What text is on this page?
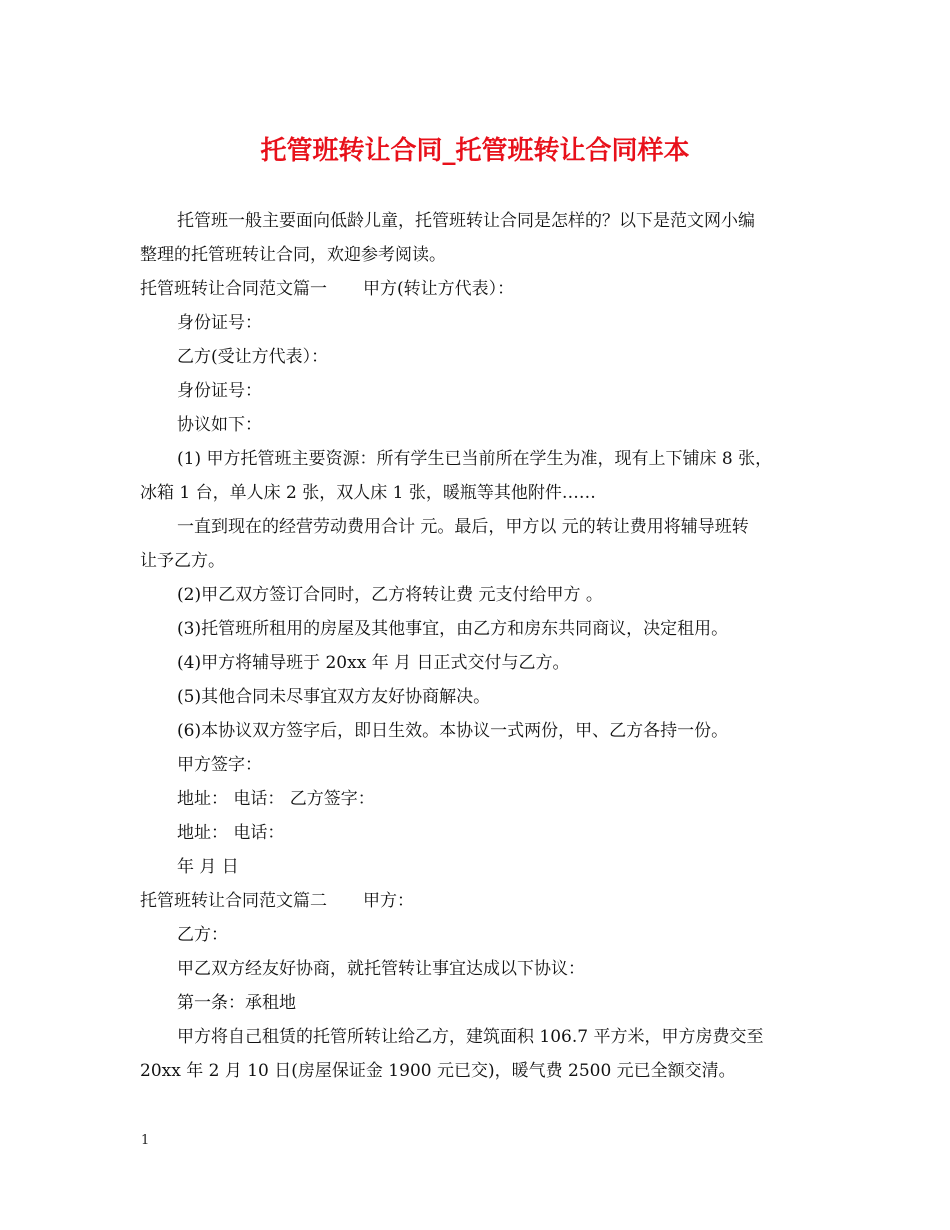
托管班转让合同_托管班转让合同样本
托管班一般主要面向低龄儿童，托管班转让合同是怎样的？以下是范文网小编
整理的托管班转让合同，欢迎参考阅读。
托管班转让合同范文篇一 甲方(转让方代表）：
身份证号：
乙方(受让方代表）：
身份证号：
协议如下：
(1) 甲方托管班主要资源：所有学生已当前所在学生为准，现有上下铺床 8 张，
冰箱 1 台，单人床 2 张，双人床 1 张，暖瓶等其他附件……
一直到现在的经营劳动费用合计 元。最后，甲方以 元的转让费用将辅导班转
让予乙方。
(2)甲乙双方签订合同时，乙方将转让费 元支付给甲方 。
(3)托管班所租用的房屋及其他事宜，由乙方和房东共同商议，决定租用。
(4)甲方将辅导班于 20xx 年 月 日正式交付与乙方。
(5)其他合同未尽事宜双方友好协商解决。
(6)本协议双方签字后，即日生效。本协议一式两份，甲、乙方各持一份。
甲方签字：
地址： 电话： 乙方签字：
地址： 电话：
年 月 日
托管班转让合同范文篇二 甲方：
乙方：
甲乙双方经友好协商，就托管转让事宜达成以下协议：
第一条：承租地
甲方将自己租赁的托管所转让给乙方，建筑面积 106.7 平方米，甲方房费交至
20xx 年 2 月 10 日(房屋保证金 1900 元已交)，暖气费 2500 元已全额交清。
1
